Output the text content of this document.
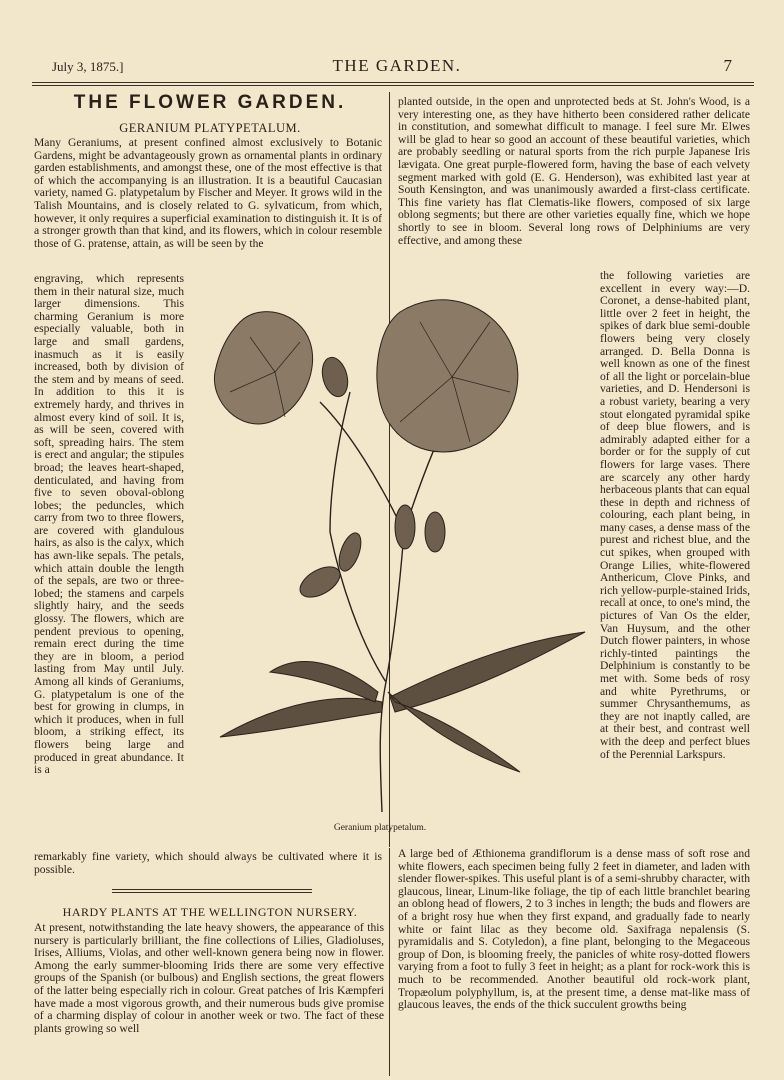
July 3, 1875.]	THE GARDEN.	7
THE FLOWER GARDEN.
GERANIUM PLATYPETALUM.

Many Geraniums, at present confined almost exclusively to Botanic Gardens, might be advantageously grown as ornamental plants in ordinary garden establishments, and amongst these, one of the most effective is that of which the accompanying is an illustration. It is a beautiful Caucasian variety, named G. platypetalum by Fischer and Meyer. It grows wild in the Talish Mountains, and is closely related to G. sylvaticum, from which, however, it only requires a superficial examination to distinguish it. It is of a stronger growth than that kind, and its flowers, which in colour resemble those of G. pratense, attain, as will be seen by the

engraving, which represents them in their natural size, much larger dimensions. This charming Geranium is more especially valuable, both in large and small gardens, inasmuch as it is easily increased, both by division of the stem and by means of seed. In addition to this it is extremely hardy, and thrives in almost every kind of soil. It is, as will be seen, covered with soft, spreading hairs. The stem is erect and angular; the stipules broad; the leaves heart-shaped, denticulated, and having from five to seven oboval-oblong lobes; the peduncles, which carry from two to three flowers, are covered with glandulous hairs, as also is the calyx, which has awn-like sepals. The petals, which attain double the length of the sepals, are two or three-lobed; the stamens and carpels slightly hairy, and the seeds glossy. The flowers, which are pendent previous to opening, remain erect during the time they are in bloom, a period lasting from May until July. Among all kinds of Geraniums, G. platypetalum is one of the best for growing in clumps, in which it produces, when in full bloom, a striking effect, its flowers being large and produced in great abundance. It is a

Geranium platypetalum.

remarkably fine variety, which should always be cultivated where it is possible.

HARDY PLANTS AT THE WELLINGTON NURSERY.

At present, notwithstanding the late heavy showers, the appearance of this nursery is particularly brilliant, the fine collections of Lilies, Gladioluses, Irises, Alliums, Violas, and other well-known genera being now in flower. Among the early summer-blooming Irids there are some very effective groups of the Spanish (or bulbous) and English sections, the great flowers of the latter being especially rich in colour. Great patches of Iris Kæmpferi have made a most vigorous growth, and their numerous buds give promise of a charming display of colour in another week or two. The fact of these plants growing so well

planted outside, in the open and unprotected beds at St. John's Wood, is a very interesting one, as they have hitherto been considered rather delicate in constitution, and somewhat difficult to manage. I feel sure Mr. Elwes will be glad to hear so good an account of these beautiful varieties, which are probably seedling or natural sports from the rich purple Japanese Iris lævigata. One great purple-flowered form, having the base of each velvety segment marked with gold (E. G. Henderson), was exhibited last year at South Kensington, and was unanimously awarded a first-class certificate. This fine variety has flat Clematis-like flowers, composed of six large oblong segments; but there are other varieties equally fine, which we hope shortly to see in bloom. Several long rows of Delphiniums are very effective, and among these

the following varieties are excellent in every way:—D. Coronet, a dense-habited plant, little over 2 feet in height, the spikes of dark blue semi-double flowers being very closely arranged. D. Bella Donna is well known as one of the finest of all the light or porcelain-blue varieties, and D. Hendersoni is a robust variety, bearing a very stout elongated pyramidal spike of deep blue flowers, and is admirably adapted either for a border or for the supply of cut flowers for large vases. There are scarcely any other hardy herbaceous plants that can equal these in depth and richness of colouring, each plant being, in many cases, a dense mass of the purest and richest blue, and the cut spikes, when grouped with Orange Lilies, white-flowered Anthericum, Clove Pinks, and rich yellow-purple-stained Irids, recall at once, to one's mind, the pictures of Van Os the elder, Van Huysum, and the other Dutch flower painters, in whose richly-tinted paintings the Delphinium is constantly to be met with. Some beds of rosy and white Pyrethrums, or summer Chrysanthemums, as they are not inaptly called, are at their best, and contrast well with the deep and perfect blues of the Perennial Larkspurs.

A large bed of Æthionema grandiflorum is a dense mass of soft rose and white flowers, each specimen being fully 2 feet in diameter, and laden with slender flower-spikes. This useful plant is of a semi-shrubby character, with glaucous, linear, Linum-like foliage, the tip of each little branchlet bearing an oblong head of flowers, 2 to 3 inches in length; the buds and flowers are of a bright rosy hue when they first expand, and gradually fade to nearly white or faint lilac as they become old. Saxifraga nepalensis (S. pyramidalis and S. Cotyledon), a fine plant, belonging to the Megaceous group of Don, is blooming freely, the panicles of white rosy-dotted flowers varying from a foot to fully 3 feet in height; as a plant for rock-work this is much to be recommended. Another beautiful old rock-work plant, Tropæolum polyphyllum, is, at the present time, a dense mat-like mass of glaucous leaves, the ends of the thick succulent growths being
